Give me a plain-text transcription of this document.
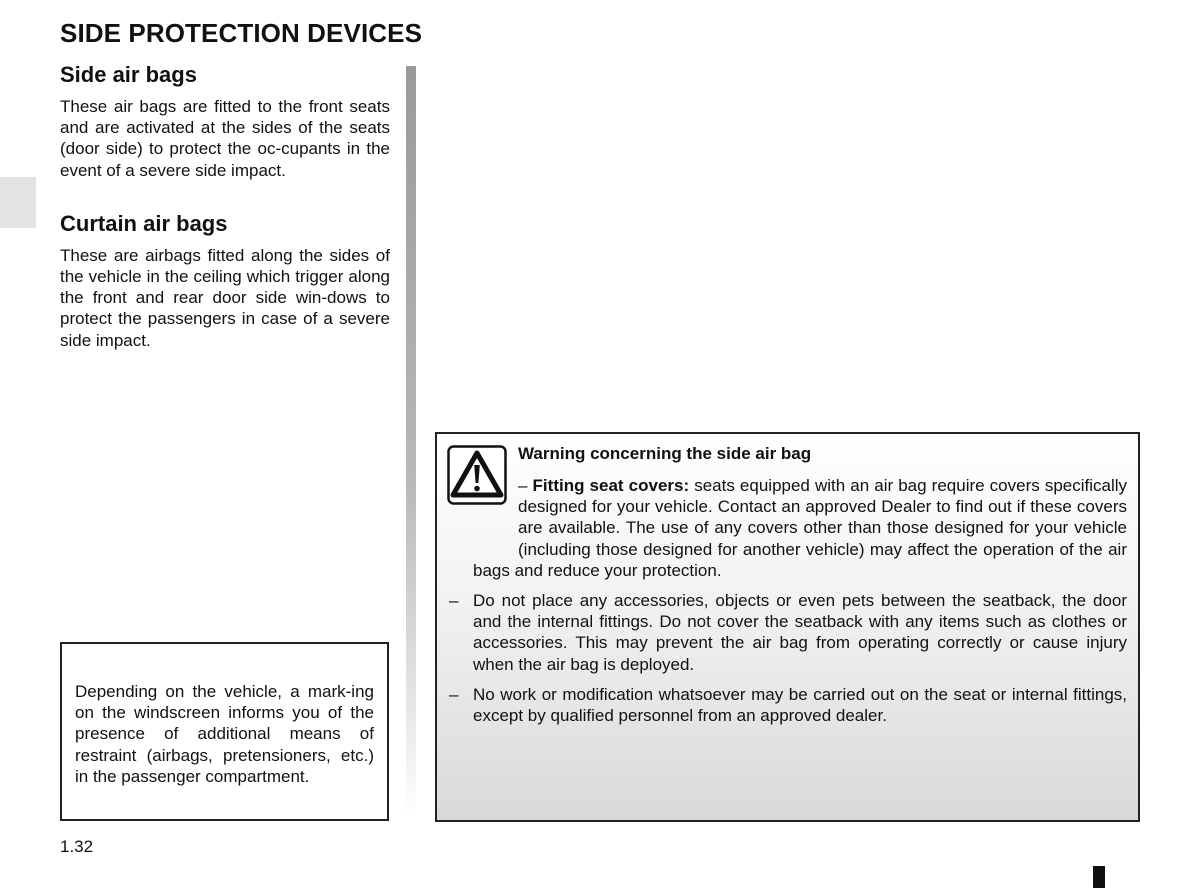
SIDE PROTECTION DEVICES
Side air bags

These air bags are fitted to the front seats and are activated at the sides of the seats (door side) to protect the oc-cupants in the event of a severe side impact.

Curtain air bags

These are airbags fitted along the sides of the vehicle in the ceiling which trigger along the front and rear door side win-dows to protect the passengers in case of a severe side impact.

Depending on the vehicle, a mark-ing on the windscreen informs you of the presence of additional means of restraint (airbags, pretensioners, etc.) in the passenger compartment.

Warning concerning the side air bag

– Fitting seat covers: seats equipped with an air bag require covers specifically designed for your vehicle. Contact an approved Dealer to find out if these covers are available. The use of any covers other than those designed for your vehicle (including those designed for another vehicle) may affect the operation of the air bags and reduce your protection.

– Do not place any accessories, objects or even pets between the seatback, the door and the internal fittings. Do not cover the seatback with any items such as clothes or accessories. This may prevent the air bag from operating correctly or cause injury when the air bag is deployed.

– No work or modification whatsoever may be carried out on the seat or internal fittings, except by qualified personnel from an approved dealer.

1.32
